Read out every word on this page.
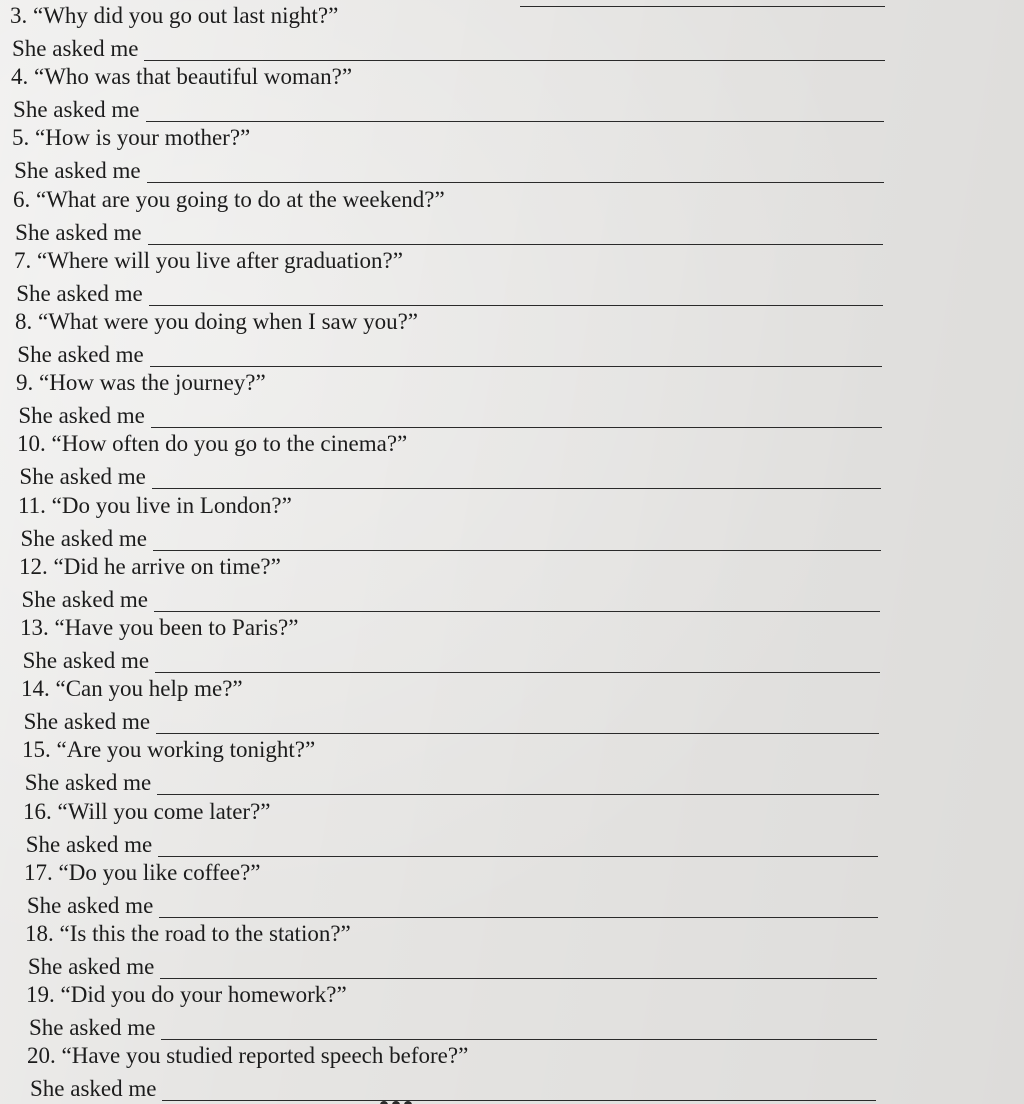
3. “Why did you go out last night?”
She asked me
4. “Who was that beautiful woman?”
She asked me
5. “How is your mother?”
She asked me
6. “What are you going to do at the weekend?”
She asked me
7. “Where will you live after graduation?”
She asked me
8. “What were you doing when I saw you?”
She asked me
9. “How was the journey?”
She asked me
10. “How often do you go to the cinema?”
She asked me
11. “Do you live in London?”
She asked me
12. “Did he arrive on time?”
She asked me
13. “Have you been to Paris?”
She asked me
14. “Can you help me?”
She asked me
15. “Are you working tonight?”
She asked me
16. “Will you come later?”
She asked me
17. “Do you like coffee?”
She asked me
18. “Is this the road to the station?”
She asked me
19. “Did you do your homework?”
She asked me
20. “Have you studied reported speech before?”
She asked me
